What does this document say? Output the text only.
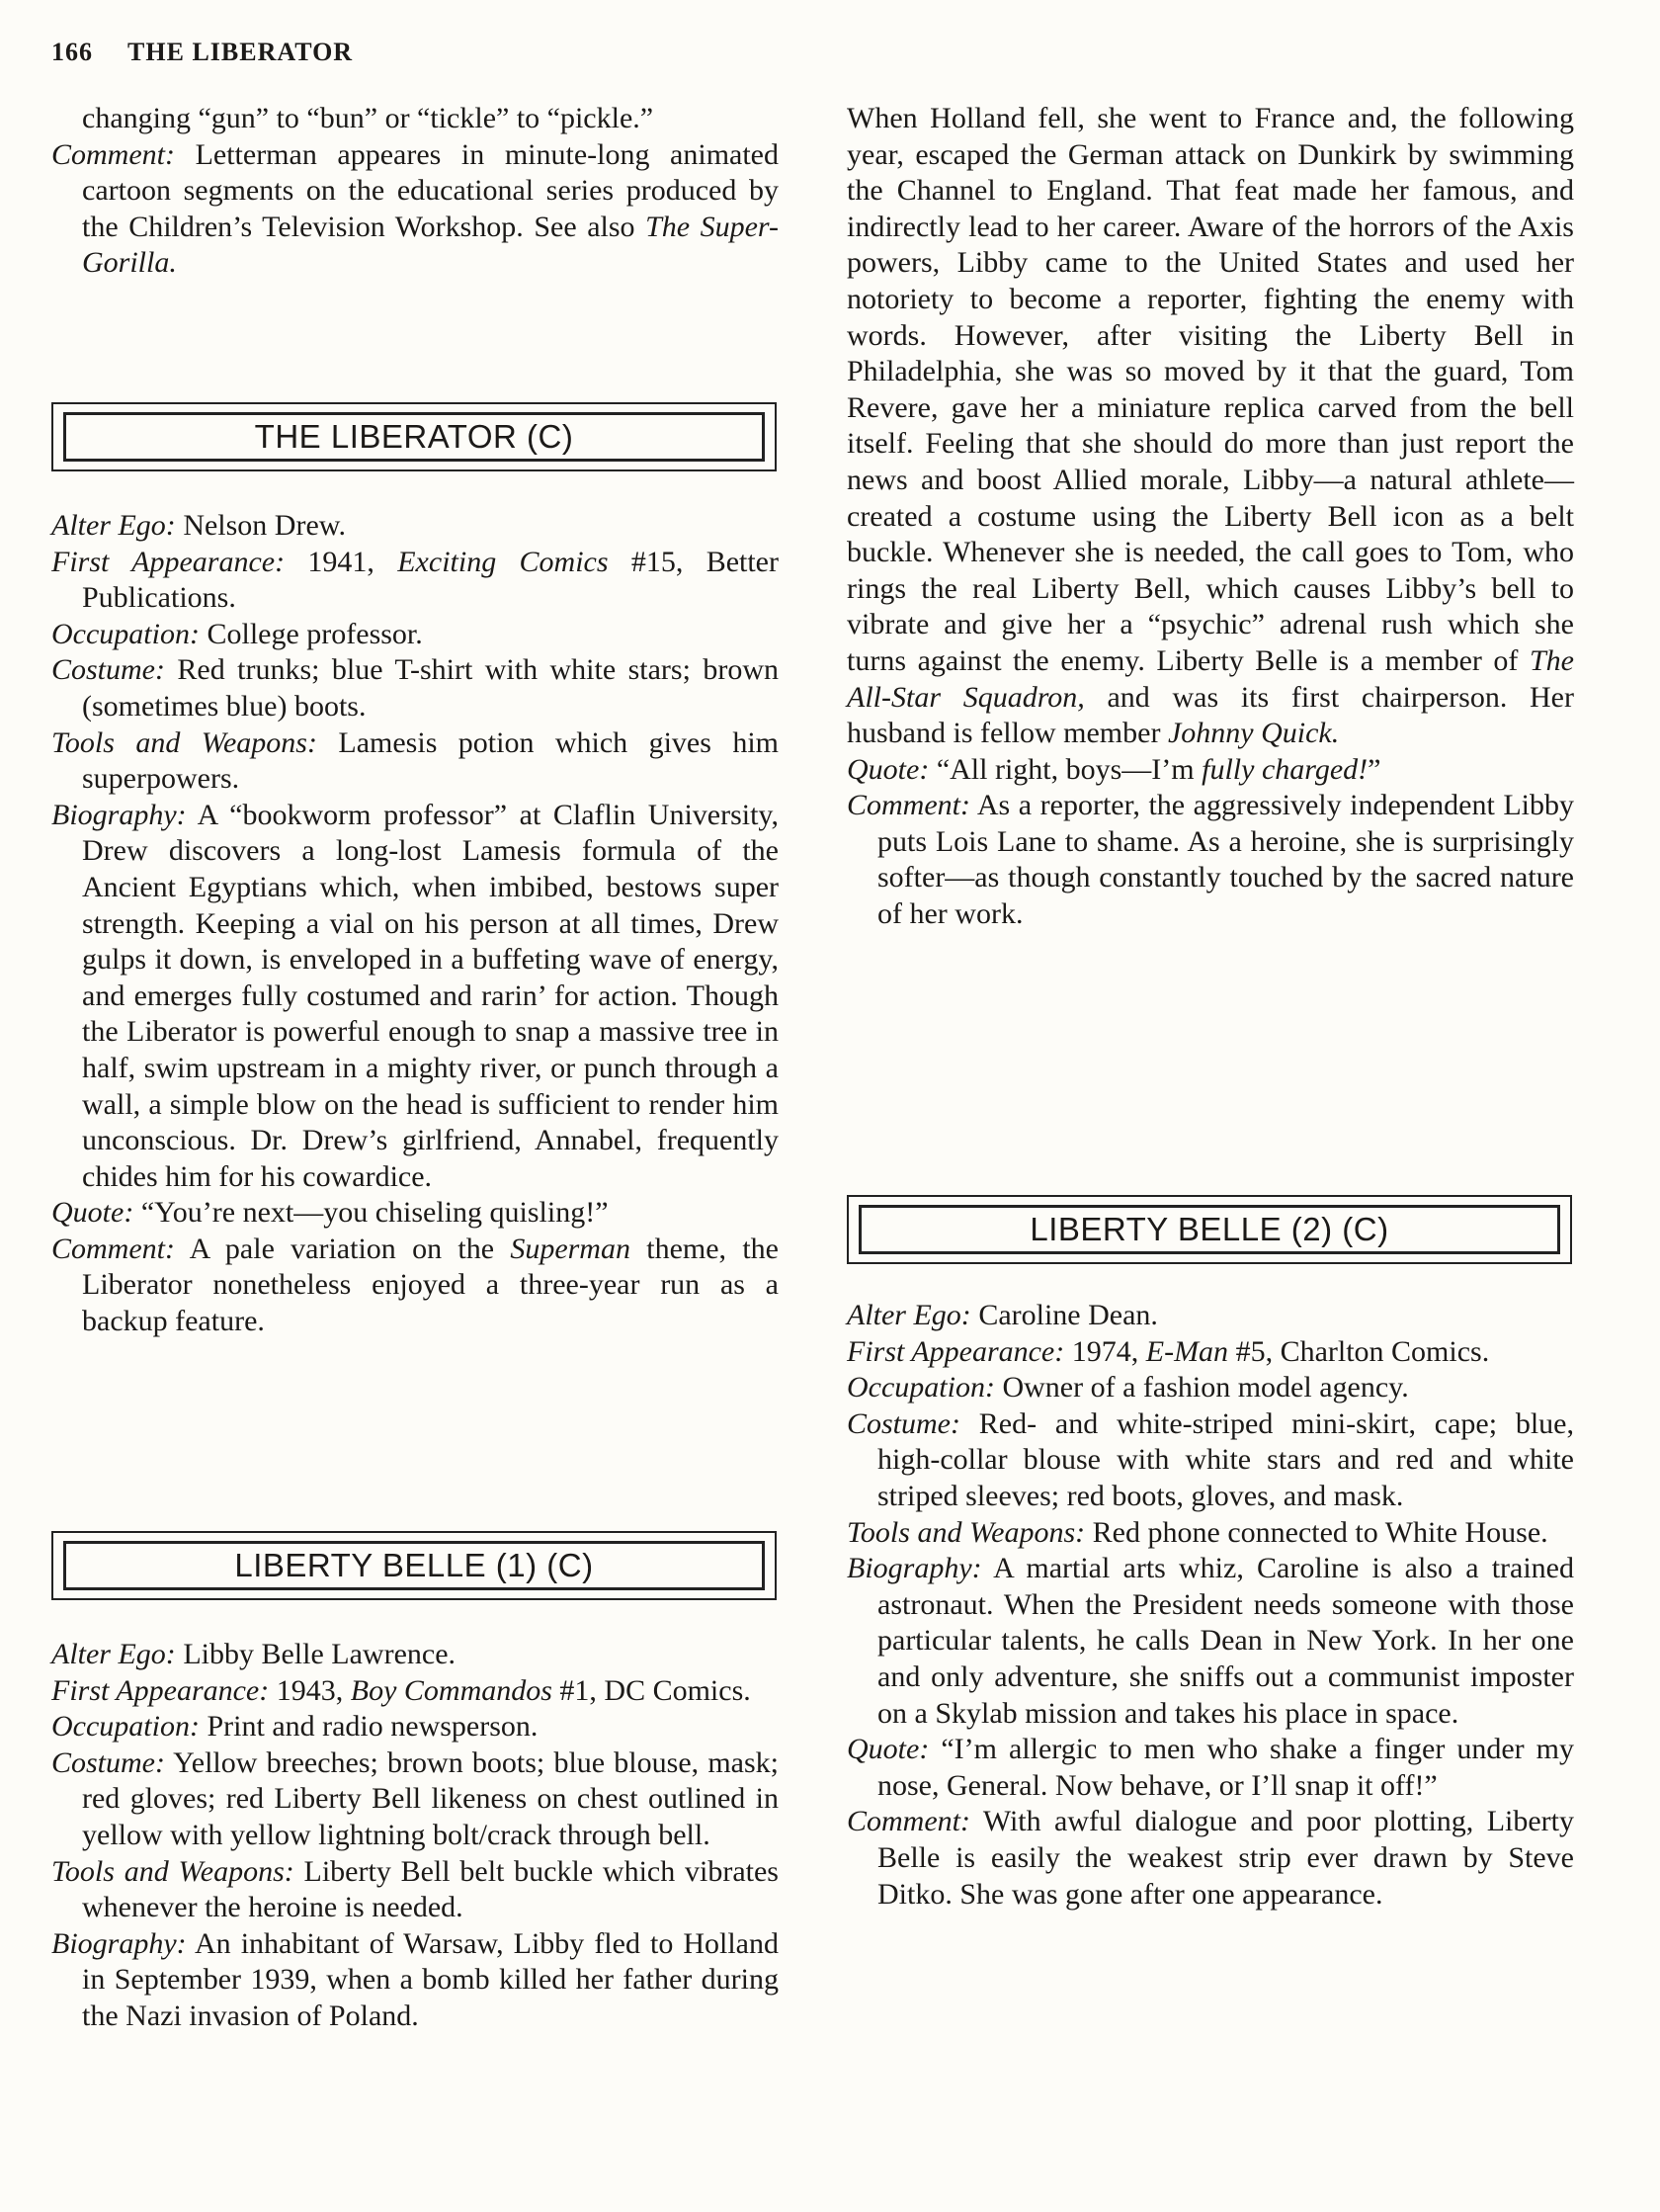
166 THE LIBERATOR

changing “gun” to “bun” or “tickle” to “pickle.”

Comment: Letterman appeares in minute-long animated cartoon segments on the educational series produced by the Children’s Television Workshop. See also The Super-Gorilla.

THE LIBERATOR (C)

Alter Ego: Nelson Drew.

First Appearance: 1941, Exciting Comics #15, Better Publications.

Occupation: College professor.

Costume: Red trunks; blue T-shirt with white stars; brown (sometimes blue) boots.

Tools and Weapons: Lamesis potion which gives him superpowers.

Biography: A “bookworm professor” at Claflin University, Drew discovers a long-lost Lamesis formula of the Ancient Egyptians which, when imbibed, bestows super strength. Keeping a vial on his person at all times, Drew gulps it down, is enveloped in a buffeting wave of energy, and emerges fully costumed and rarin’ for action. Though the Liberator is powerful enough to snap a massive tree in half, swim upstream in a mighty river, or punch through a wall, a simple blow on the head is sufficient to render him unconscious. Dr. Drew’s girlfriend, Annabel, frequently chides him for his cowardice.

Quote: “You’re next—you chiseling quisling!”

Comment: A pale variation on the Superman theme, the Liberator nonetheless enjoyed a three-year run as a backup feature.

LIBERTY BELLE (1) (C)

Alter Ego: Libby Belle Lawrence.

First Appearance: 1943, Boy Commandos #1, DC Comics.

Occupation: Print and radio newsperson.

Costume: Yellow breeches; brown boots; blue blouse, mask; red gloves; red Liberty Bell likeness on chest outlined in yellow with yellow lightning bolt/crack through bell.

Tools and Weapons: Liberty Bell belt buckle which vibrates whenever the heroine is needed.

Biography: An inhabitant of Warsaw, Libby fled to Holland in September 1939, when a bomb killed her father during the Nazi invasion of Poland.

When Holland fell, she went to France and, the following year, escaped the German attack on Dunkirk by swimming the Channel to England. That feat made her famous, and indirectly lead to her career. Aware of the horrors of the Axis powers, Libby came to the United States and used her notoriety to become a reporter, fighting the enemy with words. However, after visiting the Liberty Bell in Philadelphia, she was so moved by it that the guard, Tom Revere, gave her a miniature replica carved from the bell itself. Feeling that she should do more than just report the news and boost Allied morale, Libby—a natural athlete—created a costume using the Liberty Bell icon as a belt buckle. Whenever she is needed, the call goes to Tom, who rings the real Liberty Bell, which causes Libby’s bell to vibrate and give her a “psychic” adrenal rush which she turns against the enemy. Liberty Belle is a member of The All-Star Squadron, and was its first chairperson. Her husband is fellow member Johnny Quick.

Quote: “All right, boys—I’m fully charged!”

Comment: As a reporter, the aggressively independent Libby puts Lois Lane to shame. As a heroine, she is surprisingly softer—as though constantly touched by the sacred nature of her work.

LIBERTY BELLE (2) (C)

Alter Ego: Caroline Dean.

First Appearance: 1974, E-Man #5, Charlton Comics.

Occupation: Owner of a fashion model agency.

Costume: Red- and white-striped mini-skirt, cape; blue, high-collar blouse with white stars and red and white striped sleeves; red boots, gloves, and mask.

Tools and Weapons: Red phone connected to White House.

Biography: A martial arts whiz, Caroline is also a trained astronaut. When the President needs someone with those particular talents, he calls Dean in New York. In her one and only adventure, she sniffs out a communist imposter on a Skylab mission and takes his place in space.

Quote: “I’m allergic to men who shake a finger under my nose, General. Now behave, or I’ll snap it off!”

Comment: With awful dialogue and poor plotting, Liberty Belle is easily the weakest strip ever drawn by Steve Ditko. She was gone after one appearance.
